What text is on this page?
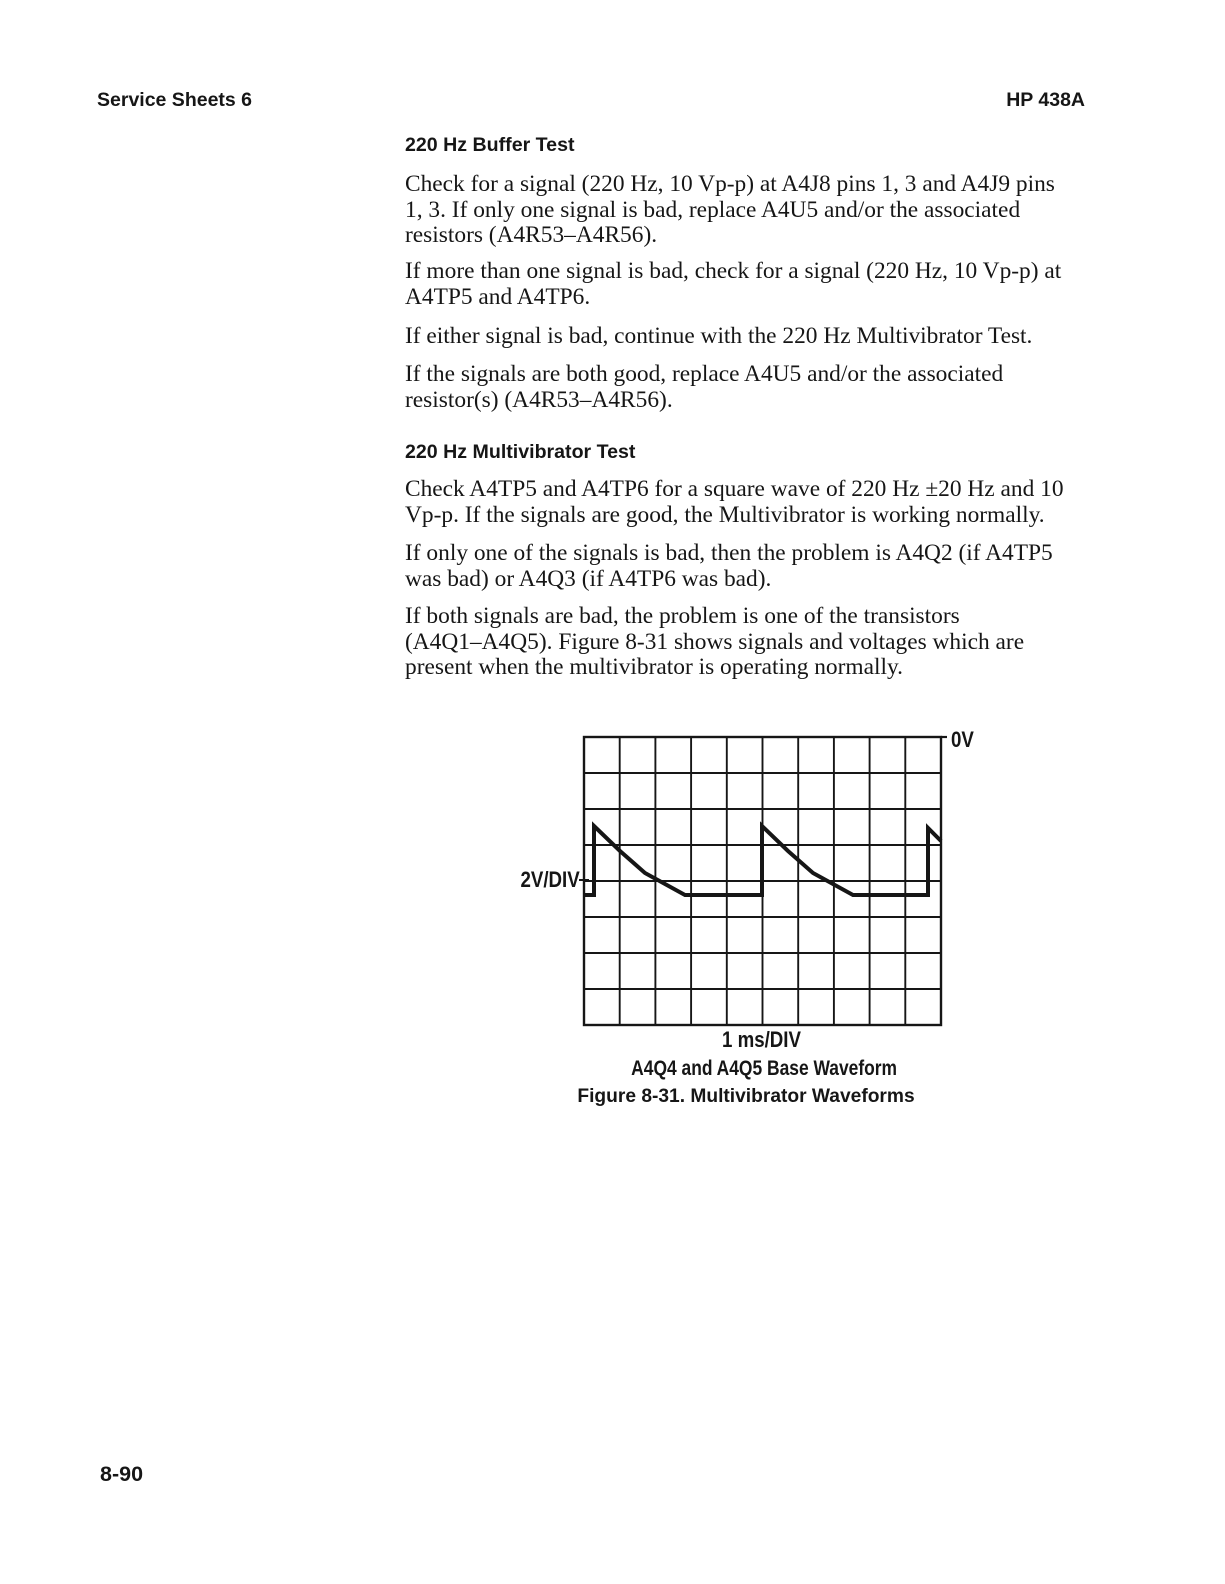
Service Sheets 6	HP 438A
220 Hz Buffer Test
Check for a signal (220 Hz, 10 Vp-p) at A4J8 pins 1, 3 and A4J9 pins
1, 3. If only one signal is bad, replace A4U5 and/or the associated
resistors (A4R53–A4R56).
If more than one signal is bad, check for a signal (220 Hz, 10 Vp-p) at
A4TP5 and A4TP6.
If either signal is bad, continue with the 220 Hz Multivibrator Test.
If the signals are both good, replace A4U5 and/or the associated
resistor(s) (A4R53–A4R56).
220 Hz Multivibrator Test
Check A4TP5 and A4TP6 for a square wave of 220 Hz ±20 Hz and 10
Vp-p. If the signals are good, the Multivibrator is working normally.
If only one of the signals is bad, then the problem is A4Q2 (if A4TP5
was bad) or A4Q3 (if A4TP6 was bad).
If both signals are bad, the problem is one of the transistors
(A4Q1–A4Q5). Figure 8-31 shows signals and voltages which are
present when the multivibrator is operating normally.
0V
2V/DIV
1 ms/DIV
A4Q4 and A4Q5 Base Waveform
Figure 8-31. Multivibrator Waveforms
8-90
